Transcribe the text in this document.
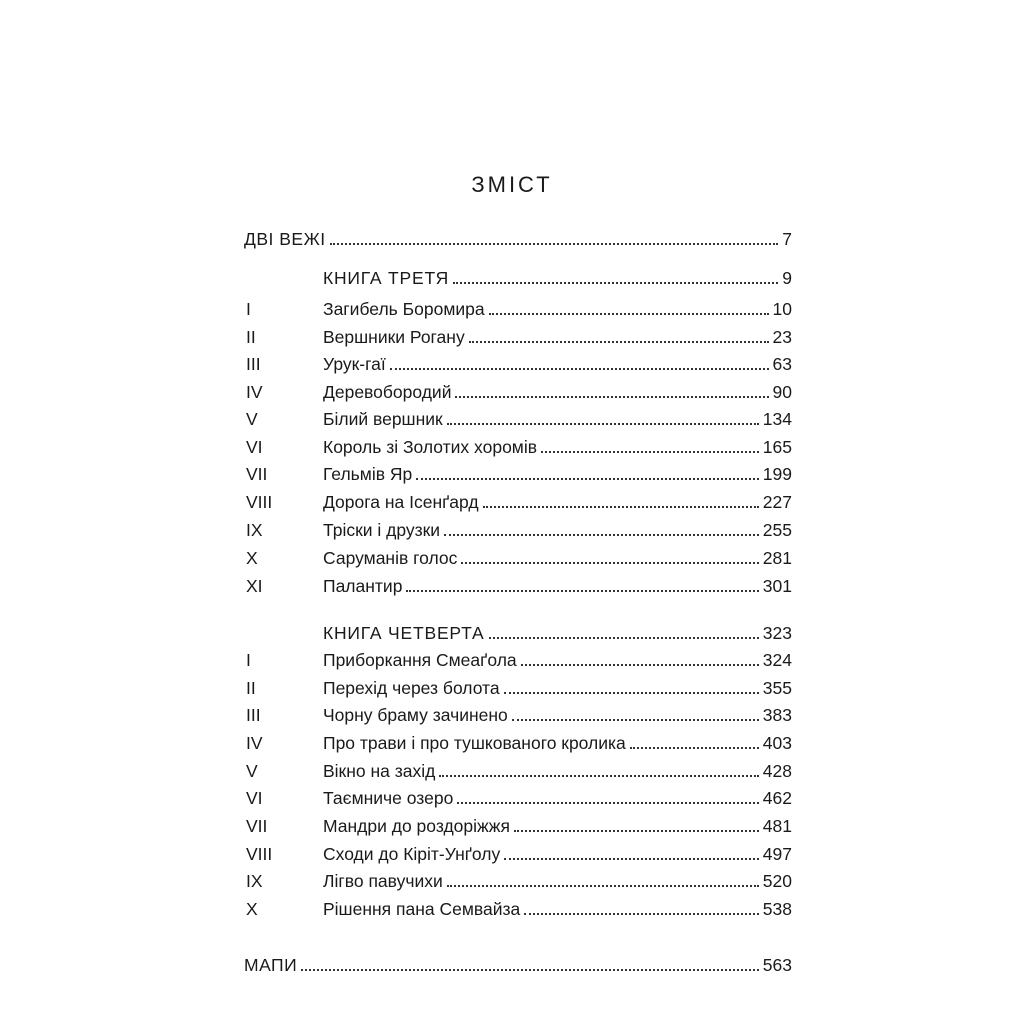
ЗМІСТ
ДВІ ВЕЖІ	7
КНИГА ТРЕТЯ	9
I	Загибель Боромира	10
II	Вершники Рогану	23
III	Урук-гаї	63
IV	Деревобородий	90
V	Білий вершник	134
VI	Король зі Золотих хоромів	165
VII	Гельмів Яр	199
VIII	Дорога на Ісенґард	227
IX	Тріски і друзки	255
X	Саруманів голос	281
XI	Палантир	301
КНИГА ЧЕТВЕРТА	323
I	Приборкання Смеаґола	324
II	Перехід через болота	355
III	Чорну браму зачинено	383
IV	Про трави і про тушкованого кролика	403
V	Вікно на захід	428
VI	Таємниче озеро	462
VII	Мандри до роздоріжжя	481
VIII	Сходи до Кіріт-Унґолу	497
IX	Лігво павучихи	520
X	Рішення пана Семвайза	538
МАПИ	563
